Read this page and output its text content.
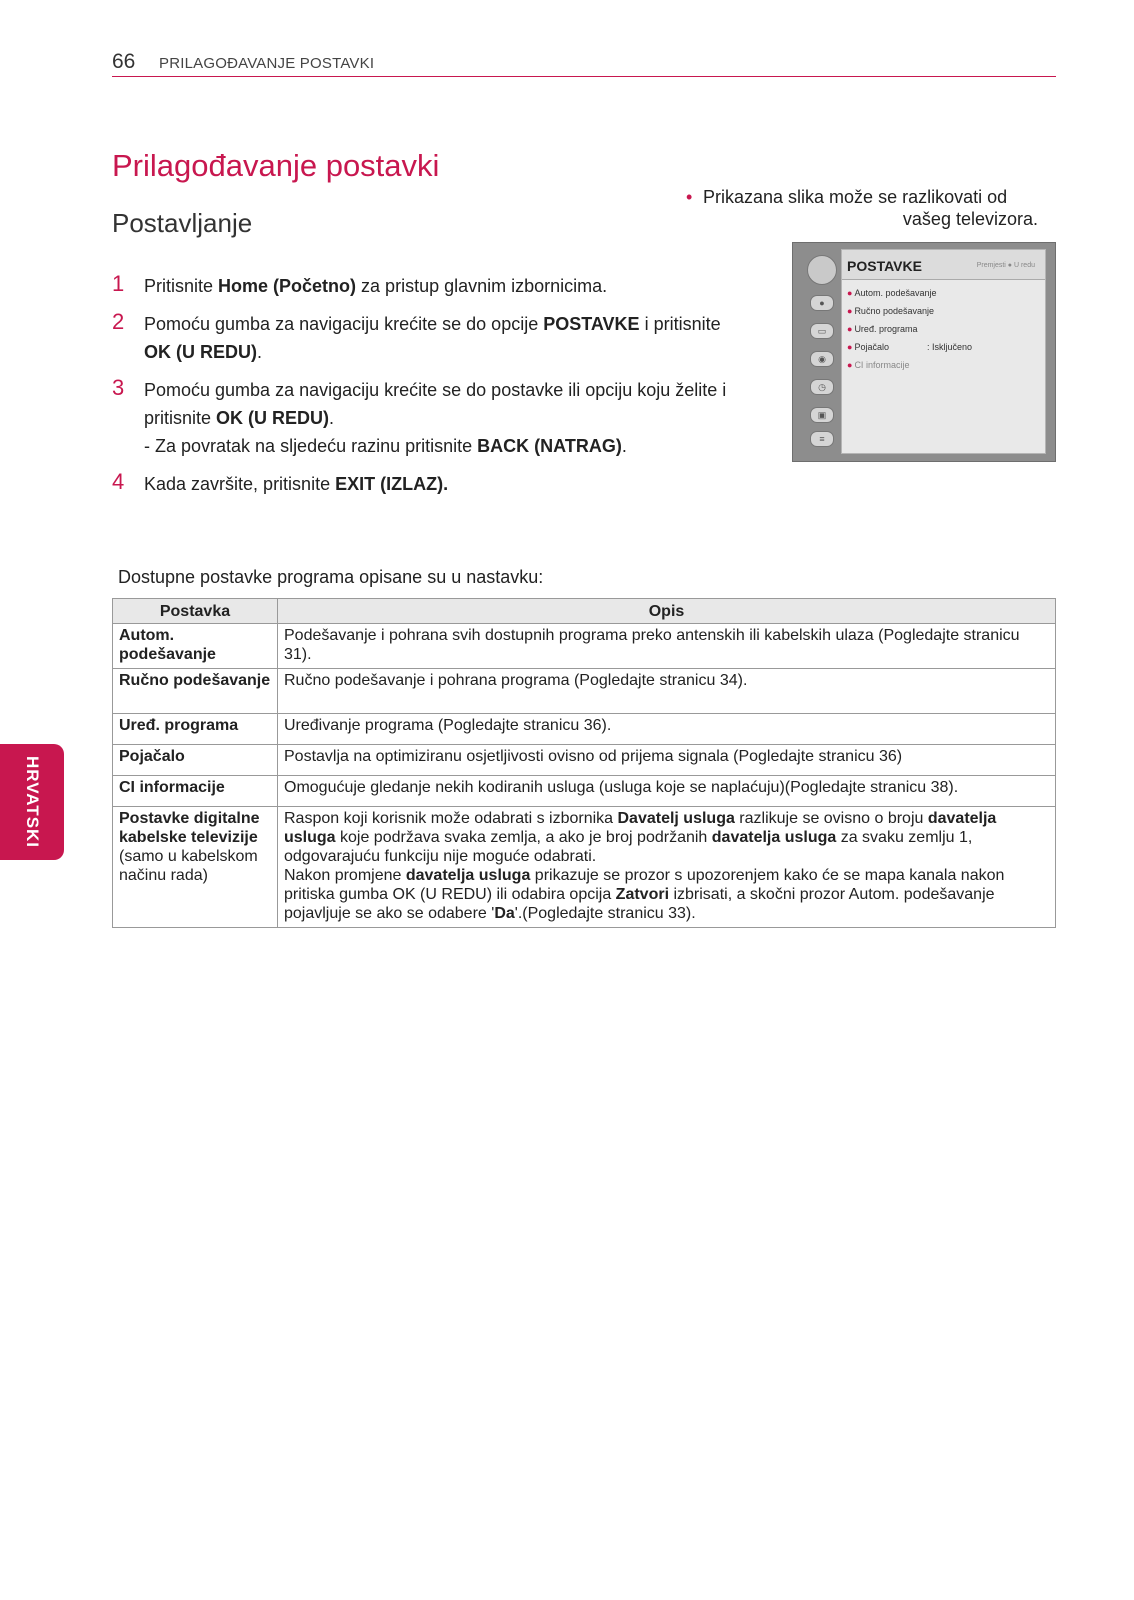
66 PRILAGOĐAVANJE POSTAVKI
Prilagođavanje postavki
Postavljanje
• Prikazana slika može se razlikovati od
vašeg televizora.
1 Pritisnite Home (Početno) za pristup glavnim izbornicima.
2 Pomoću gumba za navigaciju krećite se do opcije POSTAVKE i pritisnite OK (U REDU).
3 Pomoću gumba za navigaciju krećite se do postavke ili opciju koju želite i pritisnite OK (U REDU).
- Za povratak na sljedeću razinu pritisnite BACK (NATRAG).
4 Kada završite, pritisnite EXIT (IZLAZ).
●
▭
◉
◷
▣
≡
POSTAVKE	Premjesti ● U redu
● Autom. podešavanje
● Ručno podešavanje
● Uređ. programa
● Pojačalo	: Isključeno
● CI informacije
Dostupne postavke programa opisane su u nastavku:
Postavka	Opis
Autom. podešavanje	Podešavanje i pohrana svih dostupnih programa preko antenskih ili kabelskih ulaza (Pogledajte stranicu 31).
Ručno podešavanje	Ručno podešavanje i pohrana programa (Pogledajte stranicu 34).
Uređ. programa	Uređivanje programa (Pogledajte stranicu 36).
Pojačalo	Postavlja na optimiziranu osjetljivosti ovisno od prijema signala (Pogledajte stranicu 36)
CI informacije	Omogućuje gledanje nekih kodiranih usluga (usluga koje se naplaćuju)(Pogledajte stranicu 38).
Postavke digitalne kabelske televizije
(samo u kabelskom načinu rada)	Raspon koji korisnik može odabrati s izbornika Davatelj usluga razlikuje se ovisno o broju davatelja usluga koje podržava svaka zemlja, a ako je broj podržanih davatelja usluga za svaku zemlju 1, odgovarajuću funkciju nije moguće odabrati.
Nakon promjene davatelja usluga prikazuje se prozor s upozorenjem kako će se mapa kanala nakon pritiska gumba OK (U REDU) ili odabira opcija Zatvori izbrisati, a skočni prozor Autom. podešavanje pojavljuje se ako se odabere 'Da'.(Pogledajte stranicu 33).
HRVATSKI
